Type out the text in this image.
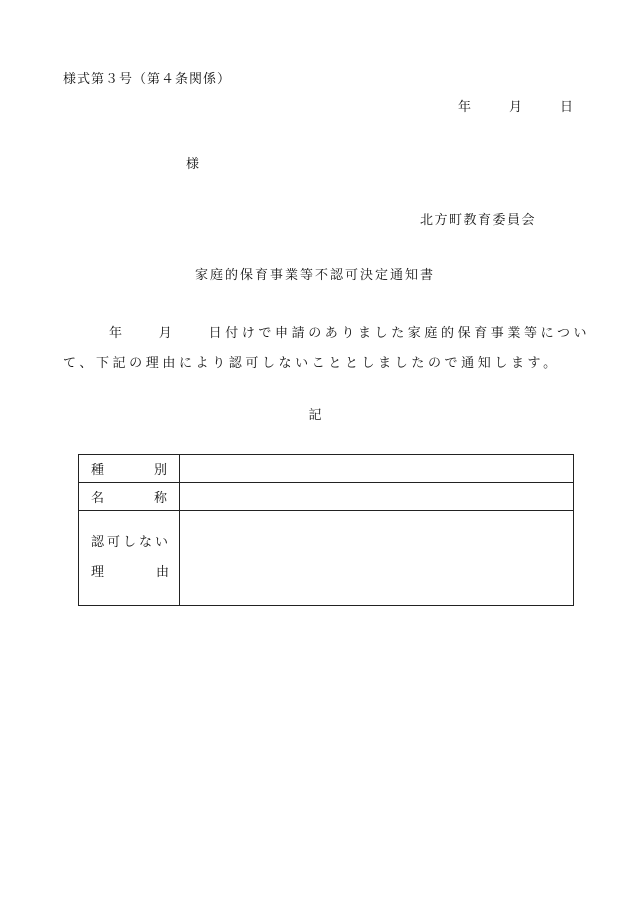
様式第３号（第４条関係）
年	月	日
様
北方町教育委員会
家庭的保育事業等不認可決定通知書
年　　月　　日付けで申請のありました家庭的保育事業等につい
て、下記の理由により認可しないこととしましたので通知します。
記
種 別	

名 称	

認可しない
理 由	
